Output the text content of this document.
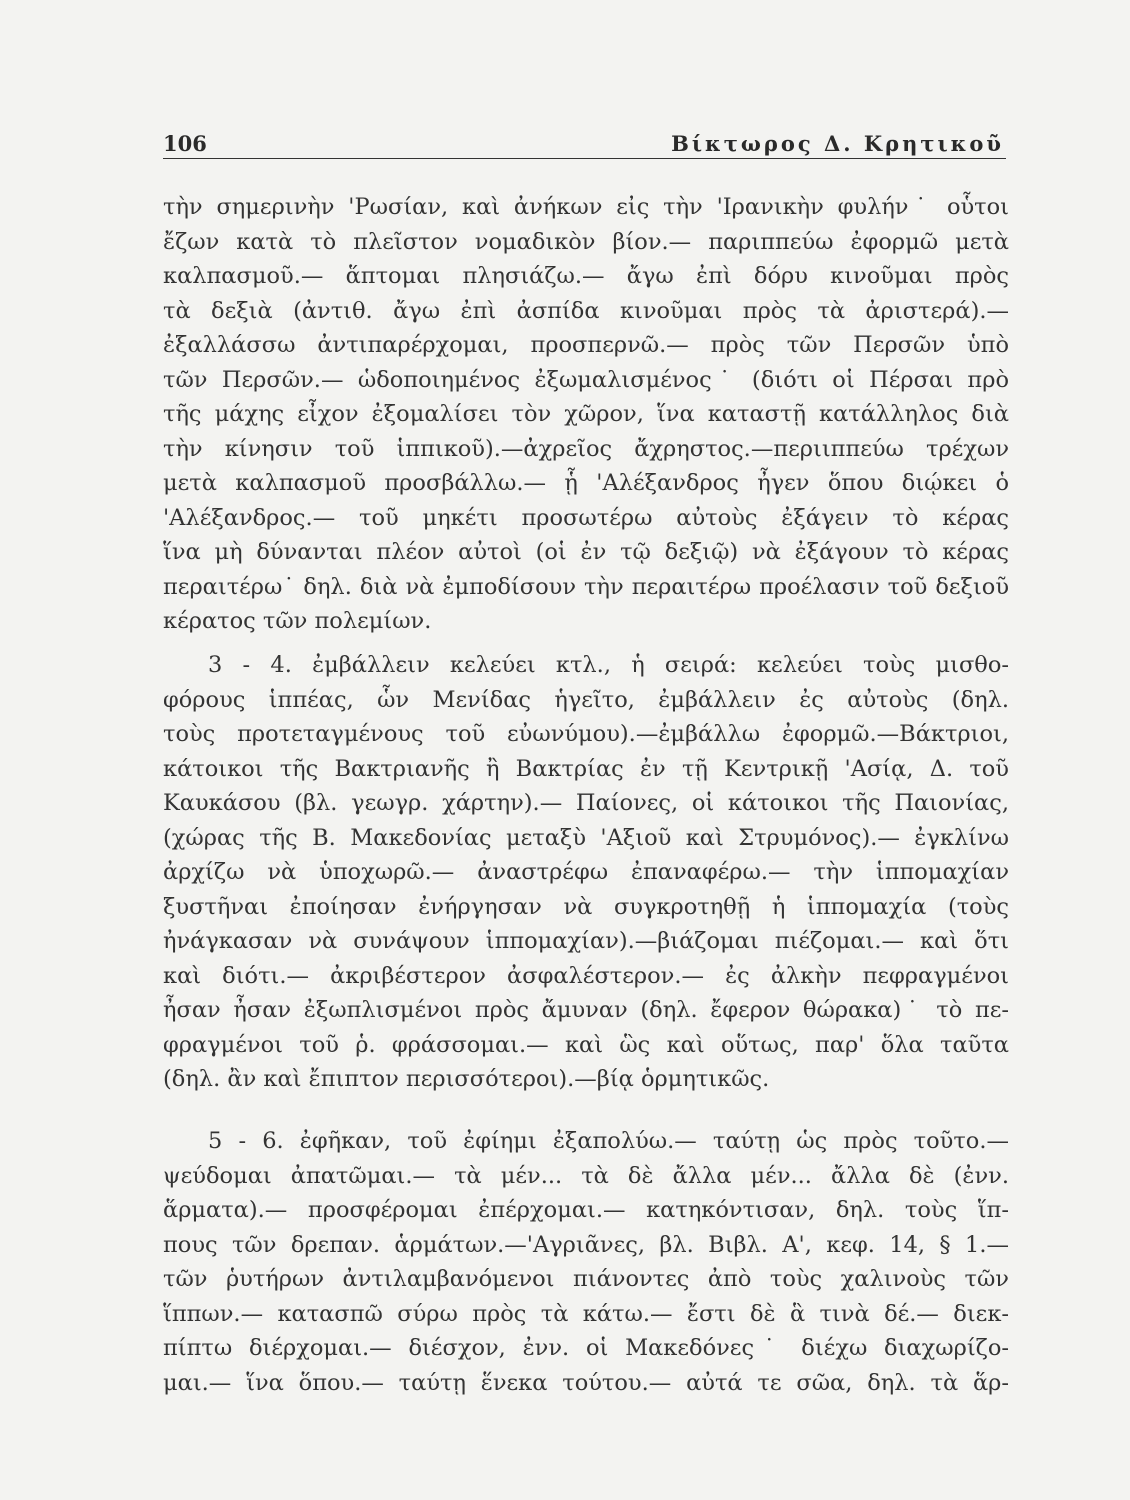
106	Βίκτωρος Δ. Κρητικοῦ
τὴν σημερινὴν 'Ρωσίαν, καὶ ἀνήκων εἰς τὴν 'Ιρανικὴν φυλήν˙ οὗτοι
ἔζων κατὰ τὸ πλεῖστον νομαδικὸν βίον.— παριππεύω ἐφορμῶ μετὰ
καλπασμοῦ.— ἅπτομαι πλησιάζω.— ἄγω ἐπὶ δόρυ κινοῦμαι πρὸς
τὰ δεξιὰ (ἀντιθ. ἄγω ἐπὶ ἀσπίδα κινοῦμαι πρὸς τὰ ἀριστερά).—
ἐξαλλάσσω ἀντιπαρέρχομαι, προσπερνῶ.— πρὸς τῶν Περσῶν ὑπὸ
τῶν Περσῶν.— ὡδοποιημένος ἐξωμαλισμένος˙ (διότι οἱ Πέρσαι πρὸ
τῆς μάχης εἶχον ἐξομαλίσει τὸν χῶρον, ἵνα καταστῇ κατάλληλος διὰ
τὴν κίνησιν τοῦ ἱππικοῦ).—ἀχρεῖος ἄχρηστος.—περιιππεύω τρέχων
μετὰ καλπασμοῦ προσβάλλω.— ᾗ 'Αλέξανδρος ἦγεν ὅπου διῴκει ὁ
'Αλέξανδρος.— τοῦ μηκέτι προσωτέρω αὐτοὺς ἐξάγειν τὸ κέρας
ἵνα μὴ δύνανται πλέον αὐτοὶ (οἱ ἐν τῷ δεξιῷ) νὰ ἐξάγουν τὸ κέρας
περαιτέρω˙ δηλ. διὰ νὰ ἐμποδίσουν τὴν περαιτέρω προέλασιν τοῦ δεξιοῦ
κέρατος τῶν πολεμίων.
3 - 4. ἐμβάλλειν κελεύει κτλ., ἡ σειρά: κελεύει τοὺς μισθο-
φόρους ἱππέας, ὧν Μενίδας ἡγεῖτο, ἐμβάλλειν ἐς αὐτοὺς (δηλ.
τοὺς προτεταγμένους τοῦ εὐωνύμου).—ἐμβάλλω ἐφορμῶ.—Βάκτριοι,
κάτοικοι τῆς Βακτριανῆς ἢ Βακτρίας ἐν τῇ Κεντρικῇ 'Ασίᾳ, Δ. τοῦ
Καυκάσου (βλ. γεωγρ. χάρτην).— Παίονες, οἱ κάτοικοι τῆς Παιονίας,
(χώρας τῆς Β. Μακεδονίας μεταξὺ 'Αξιοῦ καὶ Στρυμόνος).— ἐγκλίνω
ἀρχίζω νὰ ὑποχωρῶ.— ἀναστρέφω ἐπαναφέρω.— τὴν ἱππομαχίαν
ξυστῆναι ἐποίησαν ἐνήργησαν νὰ συγκροτηθῇ ἡ ἱππομαχία (τοὺς
ἠνάγκασαν νὰ συνάψουν ἱππομαχίαν).—βιάζομαι πιέζομαι.— καὶ ὅτι
καὶ διότι.— ἀκριβέστερον ἀσφαλέστερον.— ἐς ἀλκὴν πεφραγμένοι
ἦσαν ἦσαν ἐξωπλισμένοι πρὸς ἄμυναν (δηλ. ἔφερον θώρακα)˙ τὸ πε-
φραγμένοι τοῦ ῥ. φράσσομαι.— καὶ ὣς καὶ οὕτως, παρ' ὅλα ταῦτα
(δηλ. ἂν καὶ ἔπιπτον περισσότεροι).—βίᾳ ὁρμητικῶς.
5 - 6. ἐφῆκαν, τοῦ ἐφίημι ἐξαπολύω.— ταύτῃ ὡς πρὸς τοῦτο.—
ψεύδομαι ἀπατῶμαι.— τὰ μέν... τὰ δὲ ἄλλα μέν... ἄλλα δὲ (ἐνν.
ἅρματα).— προσφέρομαι ἐπέρχομαι.— κατηκόντισαν, δηλ. τοὺς ἵπ-
πους τῶν δρεπαν. ἁρμάτων.—'Αγριᾶνες, βλ. Βιβλ. Α', κεφ. 14, § 1.—
τῶν ῥυτήρων ἀντιλαμβανόμενοι πιάνοντες ἀπὸ τοὺς χαλινοὺς τῶν
ἵππων.— κατασπῶ σύρω πρὸς τὰ κάτω.— ἔστι δὲ ἃ τινὰ δέ.— διεκ-
πίπτω διέρχομαι.— διέσχον, ἐνν. οἱ Μακεδόνες˙ διέχω διαχωρίζο-
μαι.— ἵνα ὅπου.— ταύτῃ ἕνεκα τούτου.— αὐτά τε σῶα, δηλ. τὰ ἅρ-
